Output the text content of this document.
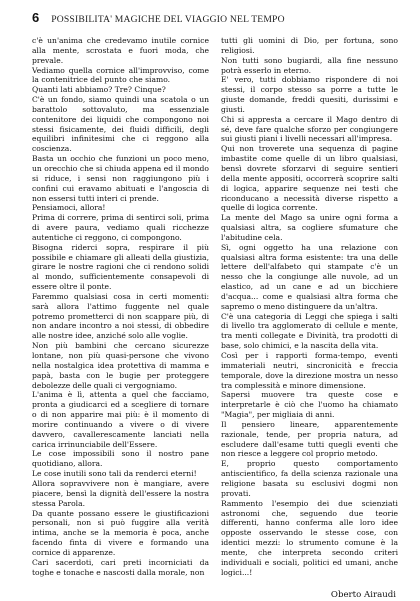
6 POSSIBILITA' MAGICHE DEL VIAGGIO NEL TEMPO

c'è un'anima che credevamo inutile cornice alla mente, scrostata e fuori moda, che prevale.

Vediamo quella cornice all'improvviso, come la contenitrice del punto che siamo.

Quanti lati abbiamo? Tre? Cinque?

C'è un fondo, siamo quindi una scatola o un barattolo sottovaluto, ma essenziale contenitore dei liquidi che compongono noi stessi fisicamente, dei fluidi difficili, degli equilibri infinitesimi che ci reggono alla coscienza.

Basta un occhio che funzioni un poco meno, un orecchio che si chiuda appena ed il mondo si riduce, i sensi non raggiungono più i confini cui eravamo abituati e l'angoscia di non essersi tutti interi ci prende.

Pensiamoci, allora!

Prima di correre, prima di sentirci soli, prima di avere paura, vediamo quali ricchezze autentiche ci reggono, ci compongono.

Bisogna riderci sopra, respirare il più possibile e chiamare gli alleati della giustizia, girare le nostre ragioni che ci rendono solidi al mondo, sufficientemente consapevoli di essere oltre il ponte.

Faremmo qualsiasi cosa in certi momenti: sarà allora l'attimo fuggente nel quale potremo prometterci di non scappare più, di non andare incontro a noi stessi, di obbedire alle nostre idee, anziché solo alle voglie.

Non più bambini che cercano sicurezze lontane, non più quasi-persone che vivono nella nostalgica idea protettiva di mamma e papà, basta con le bugie per proteggere debolezze delle quali ci vergogniamo.

L'anima è lì, attenta a quel che facciamo, pronta a giudicarci ed a scegliere di tornare o di non apparire mai più: è il momento di morire continuando a vivere o di vivere davvero, cavallerescamente lanciati nella carica irrinunciabile dell'Essere.

Le cose impossibili sono il nostro pane quotidiano, allora.

Le cose inutili sono tali da renderci eterni!

Allora sopravvivere non è mangiare, avere piacere, bensì la dignità dell'essere la nostra stessa Parola.

Da quante possano essere le giustificazioni personali, non si può fuggire alla verità intima, anche se la memoria è poca, anche facendo finta di vivere e formando una cornice di apparenze.

Cari sacerdoti, cari preti incorniciati da toghe e tonache e nascosti dalla morale, non

tutti gli uomini di Dio, per fortuna, sono religiosi.

Non tutti sono bugiardi, alla fine nessuno potrà esserlo in eterno.

E' vero, tutti dobbiamo rispondere di noi stessi, il corpo stesso sa porre a tutte le giuste domande, freddi quesiti, durissimi e giusti.

Chi si appresta a cercare il Mago dentro di sé, deve fare qualche sforzo per congiungere sui giusti piani i livelli necessari all'impresa.

Qui non troverete una sequenza di pagine imbastite come quelle di un libro qualsiasi, bensì dovrete sforzarvi di seguire sentieri della mente appositi, occorrerà scoprire salti di logica, apparire sequenze nei testi che riconducano a necessità diverse rispetto a quelle di logica corrente.

La mente del Mago sa unire ogni forma a qualsiasi altra, sa cogliere sfumature che l'abitudine cela.

Sì, ogni oggetto ha una relazione con qualsiasi altra forma esistente: tra una delle lettere dell'alfabeto qui stampate c'è un nesso che la congiunge alle nuvole, ad un elastico, ad un cane e ad un bicchiere d'acqua... come e qualsiasi altra forma che sapremo o meno distinguere da un'altra.

C'è una categoria di Leggi che spiega i salti di livello tra agglomerato di cellule e mente, tra menti collegate e Divinità, tra prodotti di base, solo chimici, e la nascita della vita.

Così per i rapporti forma-tempo, eventi immateriali neutri, sincronicità e freccia temporale, dove la direzione mostra un nesso tra complessità e minore dimensione.

Sapersi muovere tra queste cose e interpretarle è ciò che l'uomo ha chiamato "Magia", per migliaia di anni.

Il pensiero lineare, apparentemente razionale, tende, per propria natura, ad escludere dall'esame tutti quegli eventi che non riesce a leggere col proprio metodo.

E, proprio questo comportamento antiscientifico, fa della scienza razionale una religione basata su esclusivi dogmi non provati.

Rammento l'esempio dei due scienziati astronomi che, seguendo due teorie differenti, hanno conferma alle loro idee opposte osservando le stesse cose, con identici mezzi: lo strumento comune è la mente, che interpreta secondo criteri individuali e sociali, politici ed umani, anche logici...!

Oberto Airaudi
